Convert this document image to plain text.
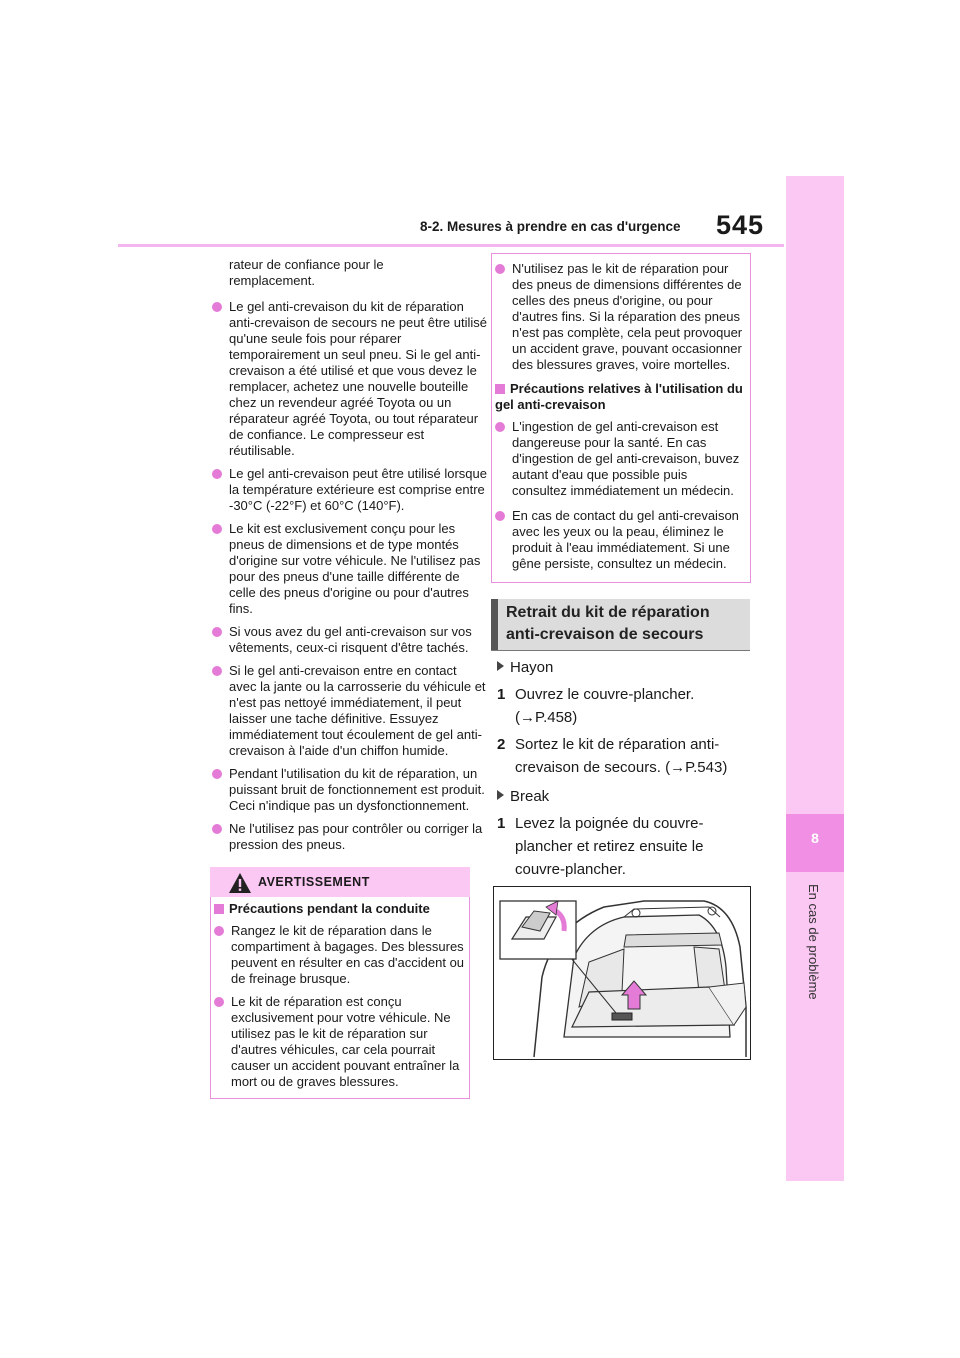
8-2. Mesures à prendre en cas d'urgence 545
8
En cas de problème
rateur de confiance pour le remplacement.
Le gel anti-crevaison du kit de réparation anti-crevaison de secours ne peut être utilisé qu'une seule fois pour réparer temporairement un seul pneu. Si le gel anti-crevaison a été utilisé et que vous devez le remplacer, achetez une nouvelle bouteille chez un revendeur agréé Toyota ou un réparateur agréé Toyota, ou tout réparateur de confiance. Le compresseur est réutilisable.
Le gel anti-crevaison peut être utilisé lorsque la température extérieure est comprise entre -30°C (-22°F) et 60°C (140°F).
Le kit est exclusivement conçu pour les pneus de dimensions et de type montés d'origine sur votre véhicule. Ne l'utilisez pas pour des pneus d'une taille différente de celle des pneus d'origine ou pour d'autres fins.
Si vous avez du gel anti-crevaison sur vos vêtements, ceux-ci risquent d'être tachés.
Si le gel anti-crevaison entre en contact avec la jante ou la carrosserie du véhicule et n'est pas nettoyé immédiatement, il peut laisser une tache définitive. Essuyez immédiatement tout écoulement de gel anti-crevaison à l'aide d'un chiffon humide.
Pendant l'utilisation du kit de réparation, un puissant bruit de fonctionnement est produit. Ceci n'indique pas un dysfonctionnement.
Ne l'utilisez pas pour contrôler ou corriger la pression des pneus.
AVERTISSEMENT
Précautions pendant la conduite
Rangez le kit de réparation dans le compartiment à bagages. Des blessures peuvent en résulter en cas d'accident ou de freinage brusque.
Le kit de réparation est conçu exclusivement pour votre véhicule. Ne utilisez pas le kit de réparation sur d'autres véhicules, car cela pourrait causer un accident pouvant entraîner la mort ou de graves blessures.
N'utilisez pas le kit de réparation pour des pneus de dimensions différentes de celles des pneus d'origine, ou pour d'autres fins. Si la réparation des pneus n'est pas complète, cela peut provoquer un accident grave, pouvant occasionner des blessures graves, voire mortelles.
Précautions relatives à l'utilisation du gel anti-crevaison
L'ingestion de gel anti-crevaison est dangereuse pour la santé. En cas d'ingestion de gel anti-crevaison, buvez autant d'eau que possible puis consultez immédiatement un médecin.
En cas de contact du gel anti-crevaison avec les yeux ou la peau, éliminez le produit à l'eau immédiatement. Si une gêne persiste, consultez un médecin.
Retrait du kit de réparation anti-crevaison de secours
Hayon
1 Ouvrez le couvre-plancher. (→P.458)
2 Sortez le kit de réparation anti-crevaison de secours. (→P.543)
Break
1 Levez la poignée du couvre-plancher et retirez ensuite le couvre-plancher.
